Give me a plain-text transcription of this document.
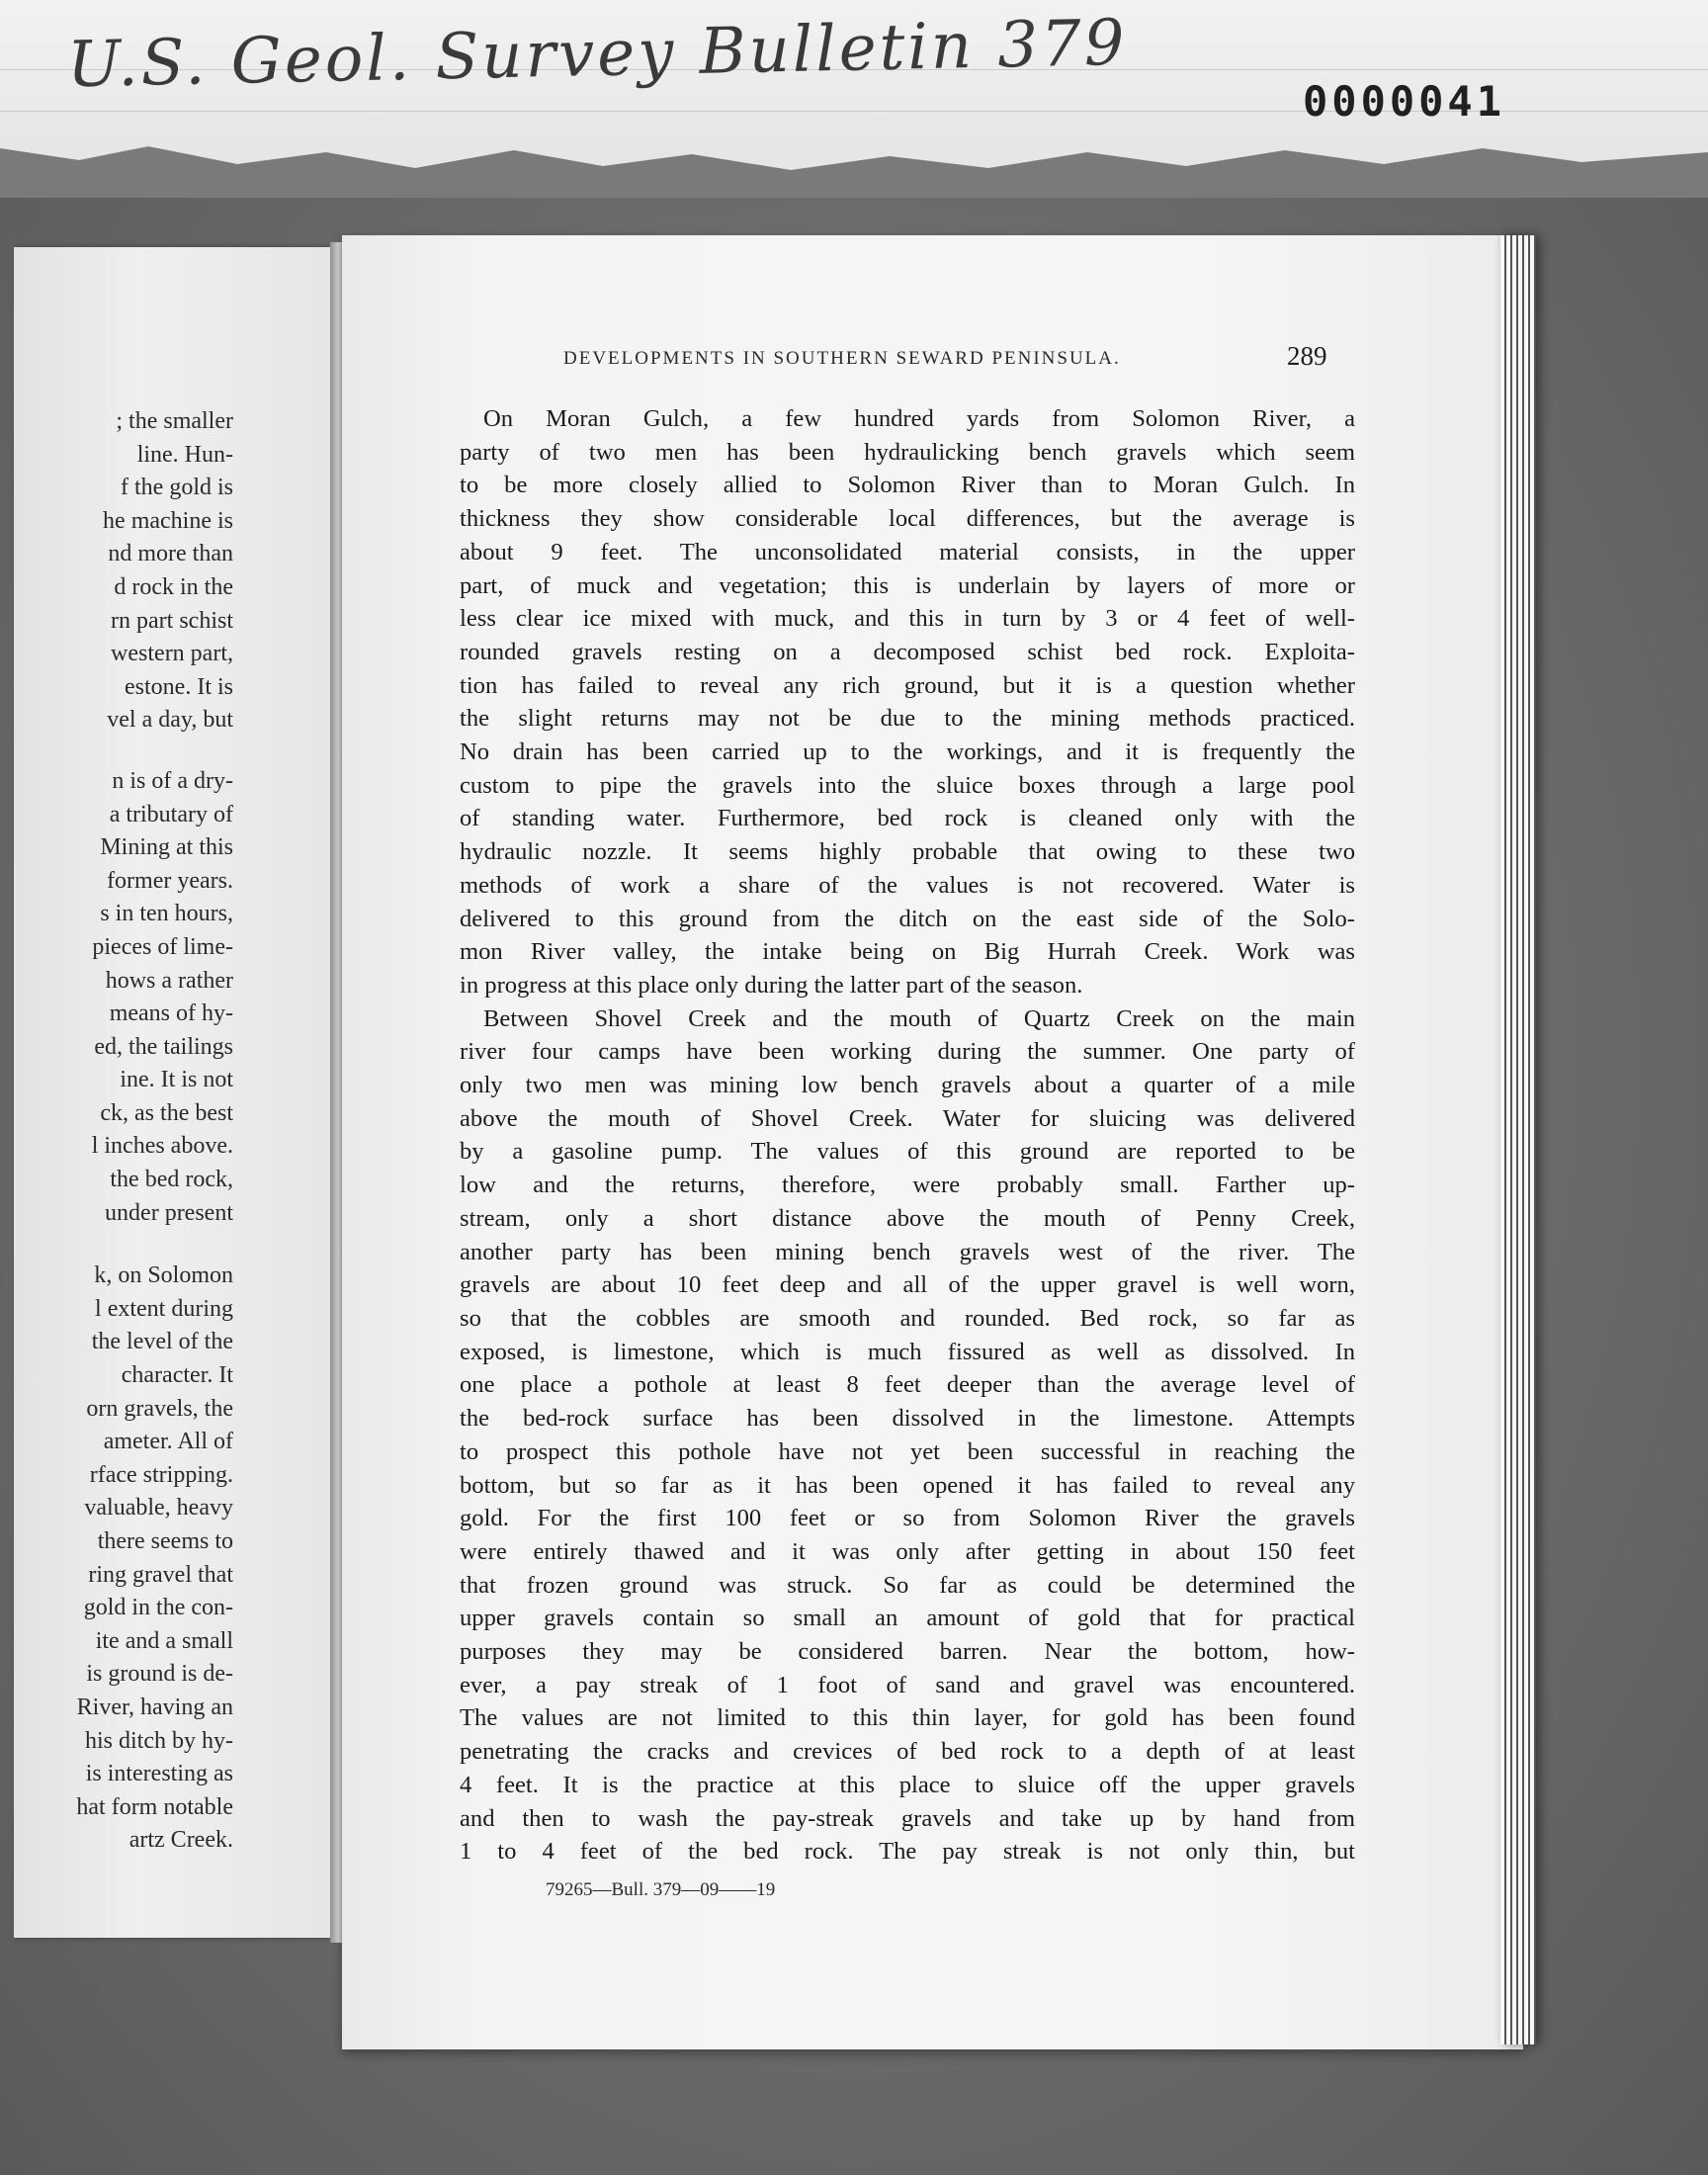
U.S. Geol. Survey Bulletin 379	0000041
; the smaller
line. Hun-
f the gold is
he machine is
nd more than
d rock in the
rn part schist
western part,
estone. It is
vel a day, but
n is of a dry-
a tributary of
Mining at this
former years.
s in ten hours,
pieces of lime-
hows a rather
means of hy-
ed, the tailings
ine. It is not
ck, as the best
l inches above.
the bed rock,
under present
k, on Solomon
l extent during
the level of the
character. It
orn gravels, the
ameter. All of
rface stripping.
valuable, heavy
there seems to
ring gravel that
gold in the con-
ite and a small
is ground is de-
River, having an
his ditch by hy-
is interesting as
hat form notable
artz Creek.
DEVELOPMENTS IN SOUTHERN SEWARD PENINSULA.	289
On Moran Gulch, a few hundred yards from Solomon River, a
party of two men has been hydraulicking bench gravels which seem
to be more closely allied to Solomon River than to Moran Gulch. In
thickness they show considerable local differences, but the average is
about 9 feet. The unconsolidated material consists, in the upper
part, of muck and vegetation; this is underlain by layers of more or
less clear ice mixed with muck, and this in turn by 3 or 4 feet of well-
rounded gravels resting on a decomposed schist bed rock. Exploita-
tion has failed to reveal any rich ground, but it is a question whether
the slight returns may not be due to the mining methods practiced.
No drain has been carried up to the workings, and it is frequently the
custom to pipe the gravels into the sluice boxes through a large pool
of standing water. Furthermore, bed rock is cleaned only with the
hydraulic nozzle. It seems highly probable that owing to these two
methods of work a share of the values is not recovered. Water is
delivered to this ground from the ditch on the east side of the Solo-
mon River valley, the intake being on Big Hurrah Creek. Work was
in progress at this place only during the latter part of the season.
Between Shovel Creek and the mouth of Quartz Creek on the main
river four camps have been working during the summer. One party of
only two men was mining low bench gravels about a quarter of a mile
above the mouth of Shovel Creek. Water for sluicing was delivered
by a gasoline pump. The values of this ground are reported to be
low and the returns, therefore, were probably small. Farther up-
stream, only a short distance above the mouth of Penny Creek,
another party has been mining bench gravels west of the river. The
gravels are about 10 feet deep and all of the upper gravel is well worn,
so that the cobbles are smooth and rounded. Bed rock, so far as
exposed, is limestone, which is much fissured as well as dissolved. In
one place a pothole at least 8 feet deeper than the average level of
the bed-rock surface has been dissolved in the limestone. Attempts
to prospect this pothole have not yet been successful in reaching the
bottom, but so far as it has been opened it has failed to reveal any
gold. For the first 100 feet or so from Solomon River the gravels
were entirely thawed and it was only after getting in about 150 feet
that frozen ground was struck. So far as could be determined the
upper gravels contain so small an amount of gold that for practical
purposes they may be considered barren. Near the bottom, how-
ever, a pay streak of 1 foot of sand and gravel was encountered.
The values are not limited to this thin layer, for gold has been found
penetrating the cracks and crevices of bed rock to a depth of at least
4 feet. It is the practice at this place to sluice off the upper gravels
and then to wash the pay-streak gravels and take up by hand from
1 to 4 feet of the bed rock. The pay streak is not only thin, but
79265—Bull. 379—09——19
